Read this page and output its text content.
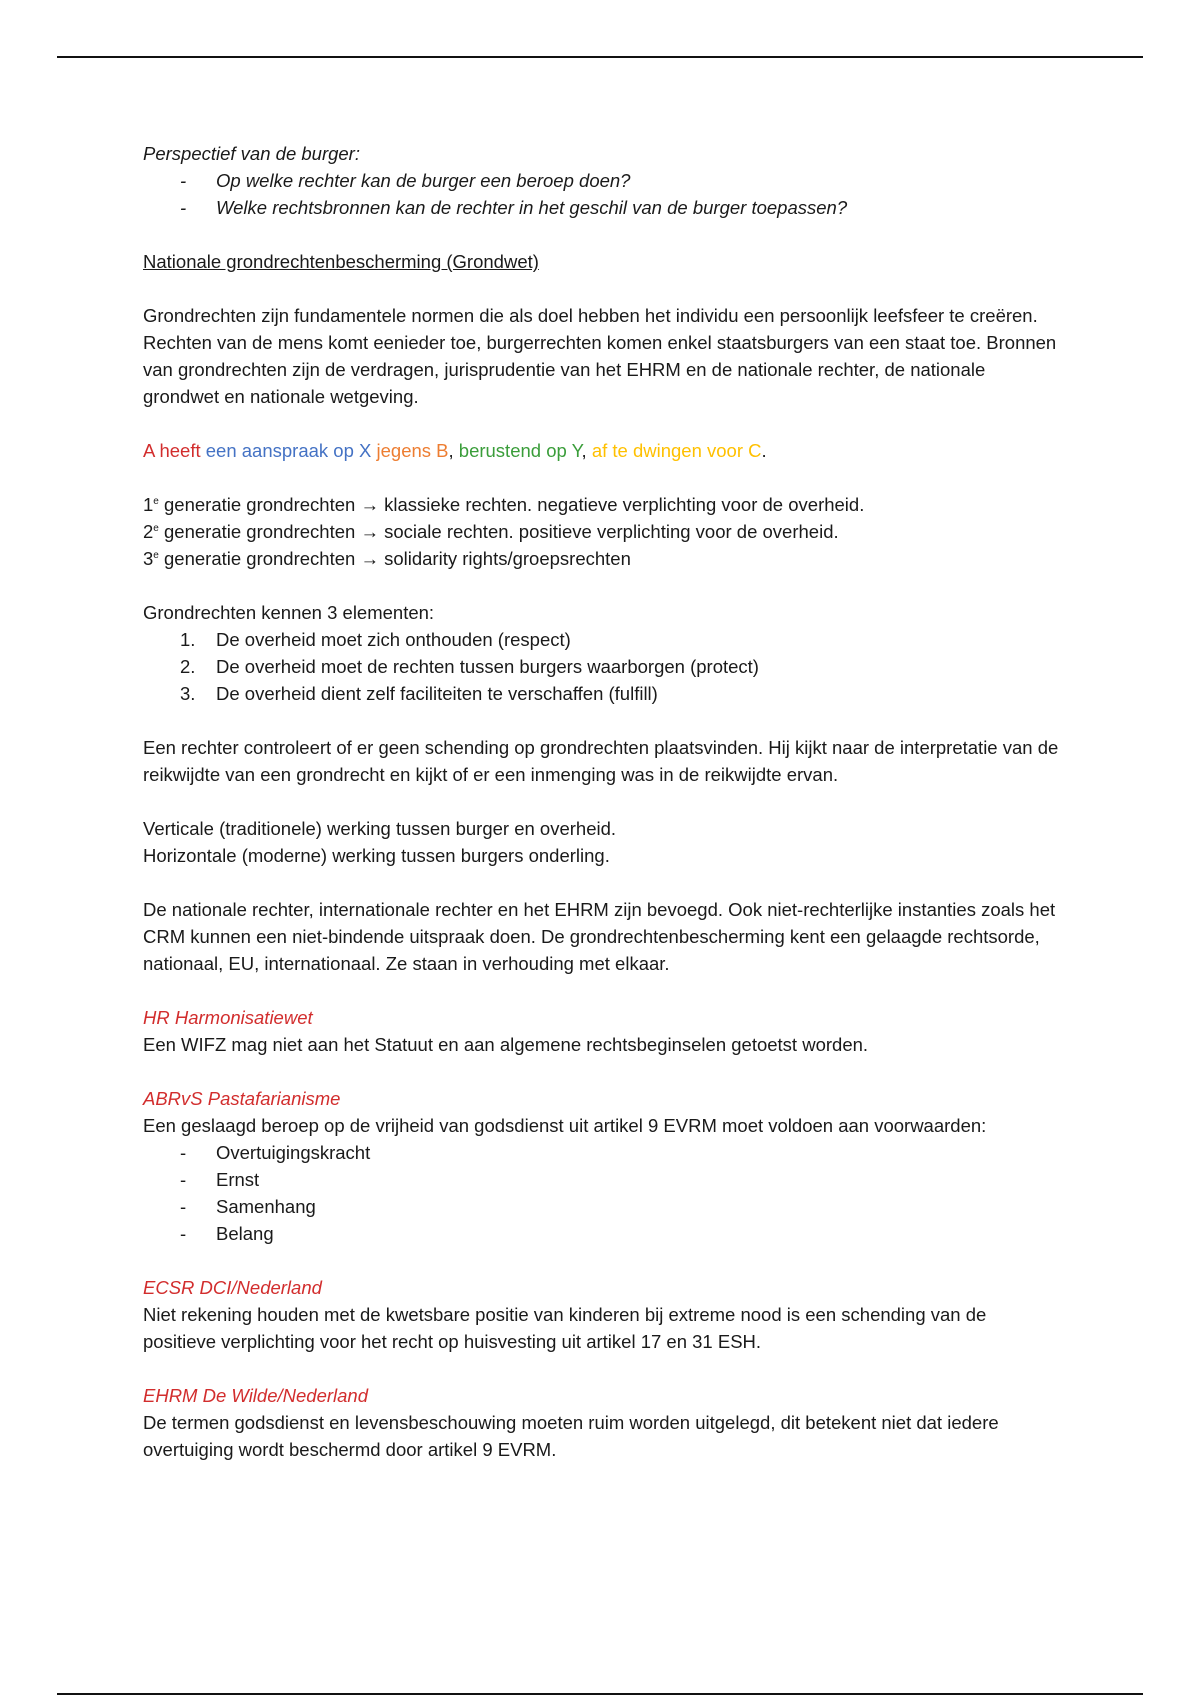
Perspectief van de burger:

-	Op welke rechter kan de burger een beroep doen?
-	Welke rechtsbronnen kan de rechter in het geschil van de burger toepassen?

Nationale grondrechtenbescherming (Grondwet)

Grondrechten zijn fundamentele normen die als doel hebben het individu een persoonlijk leefsfeer te creëren. Rechten van de mens komt eenieder toe, burgerrechten komen enkel staatsburgers van een staat toe. Bronnen van grondrechten zijn de verdragen, jurisprudentie van het EHRM en de nationale rechter, de nationale grondwet en nationale wetgeving.

A heeft een aanspraak op X jegens B, berustend op Y, af te dwingen voor C.

1e generatie grondrechten → klassieke rechten. negatieve verplichting voor de overheid.

2e generatie grondrechten → sociale rechten. positieve verplichting voor de overheid.

3e generatie grondrechten → solidarity rights/groepsrechten

Grondrechten kennen 3 elementen:

1.	De overheid moet zich onthouden (respect)
2.	De overheid moet de rechten tussen burgers waarborgen (protect)
3.	De overheid dient zelf faciliteiten te verschaffen (fulfill)

Een rechter controleert of er geen schending op grondrechten plaatsvinden. Hij kijkt naar de interpretatie van de reikwijdte van een grondrecht en kijkt of er een inmenging was in de reikwijdte ervan.

Verticale (traditionele) werking tussen burger en overheid.

Horizontale (moderne) werking tussen burgers onderling.

De nationale rechter, internationale rechter en het EHRM zijn bevoegd. Ook niet-rechterlijke instanties zoals het CRM kunnen een niet-bindende uitspraak doen. De grondrechtenbescherming kent een gelaagde rechtsorde, nationaal, EU, internationaal. Ze staan in verhouding met elkaar.

HR Harmonisatiewet

Een WIFZ mag niet aan het Statuut en aan algemene rechtsbeginselen getoetst worden.

ABRvS Pastafarianisme

Een geslaagd beroep op de vrijheid van godsdienst uit artikel 9 EVRM moet voldoen aan voorwaarden:

-	Overtuigingskracht
-	Ernst
-	Samenhang
-	Belang

ECSR DCI/Nederland

Niet rekening houden met de kwetsbare positie van kinderen bij extreme nood is een schending van de positieve verplichting voor het recht op huisvesting uit artikel 17 en 31 ESH.

EHRM De Wilde/Nederland

De termen godsdienst en levensbeschouwing moeten ruim worden uitgelegd, dit betekent niet dat iedere overtuiging wordt beschermd door artikel 9 EVRM.
